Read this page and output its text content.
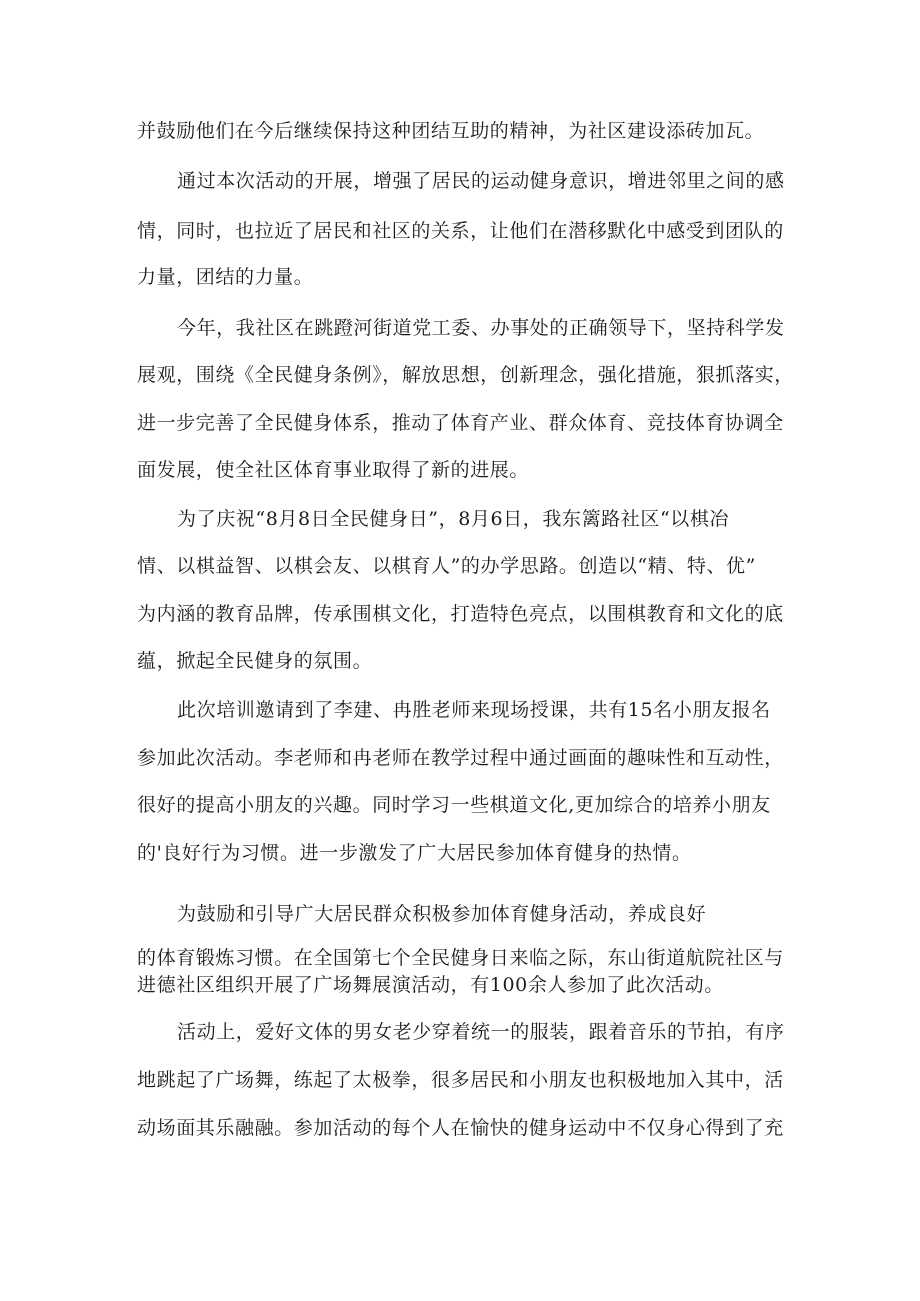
并鼓励他们在今后继续保持这种团结互助的精神，为社区建设添砖加瓦。
通过本次活动的开展，增强了居民的运动健身意识，增进邻里之间的感
情，同时，也拉近了居民和社区的关系，让他们在潜移默化中感受到团队的
力量，团结的力量。
今年，我社区在跳蹬河街道党工委、办事处的正确领导下，坚持科学发
展观，围绕《全民健身条例》，解放思想，创新理念，强化措施，狠抓落实，
进一步完善了全民健身体系，推动了体育产业、群众体育、竞技体育协调全
面发展，使全社区体育事业取得了新的进展。
为了庆祝“8月8日全民健身日”，8月6日，我东篱路社区“以棋冶
情、以棋益智、以棋会友、以棋育人”的办学思路。创造以“精、特、优”
为内涵的教育品牌，传承围棋文化，打造特色亮点，以围棋教育和文化的底
蕴，掀起全民健身的氛围。
此次培训邀请到了李建、冉胜老师来现场授课，共有15名小朋友报名
参加此次活动。李老师和冉老师在教学过程中通过画面的趣味性和互动性，
很好的提高小朋友的兴趣。同时学习一些棋道文化,更加综合的培养小朋友
的'良好行为习惯。进一步激发了广大居民参加体育健身的热情。
为鼓励和引导广大居民群众积极参加体育健身活动，养成良好
的体育锻炼习惯。在全国第七个全民健身日来临之际，东山街道航院社区与
进德社区组织开展了广场舞展演活动，有100余人参加了此次活动。
活动上，爱好文体的男女老少穿着统一的服装，跟着音乐的节拍，有序
地跳起了广场舞，练起了太极拳，很多居民和小朋友也积极地加入其中，活
动场面其乐融融。参加活动的每个人在愉快的健身运动中不仅身心得到了充
